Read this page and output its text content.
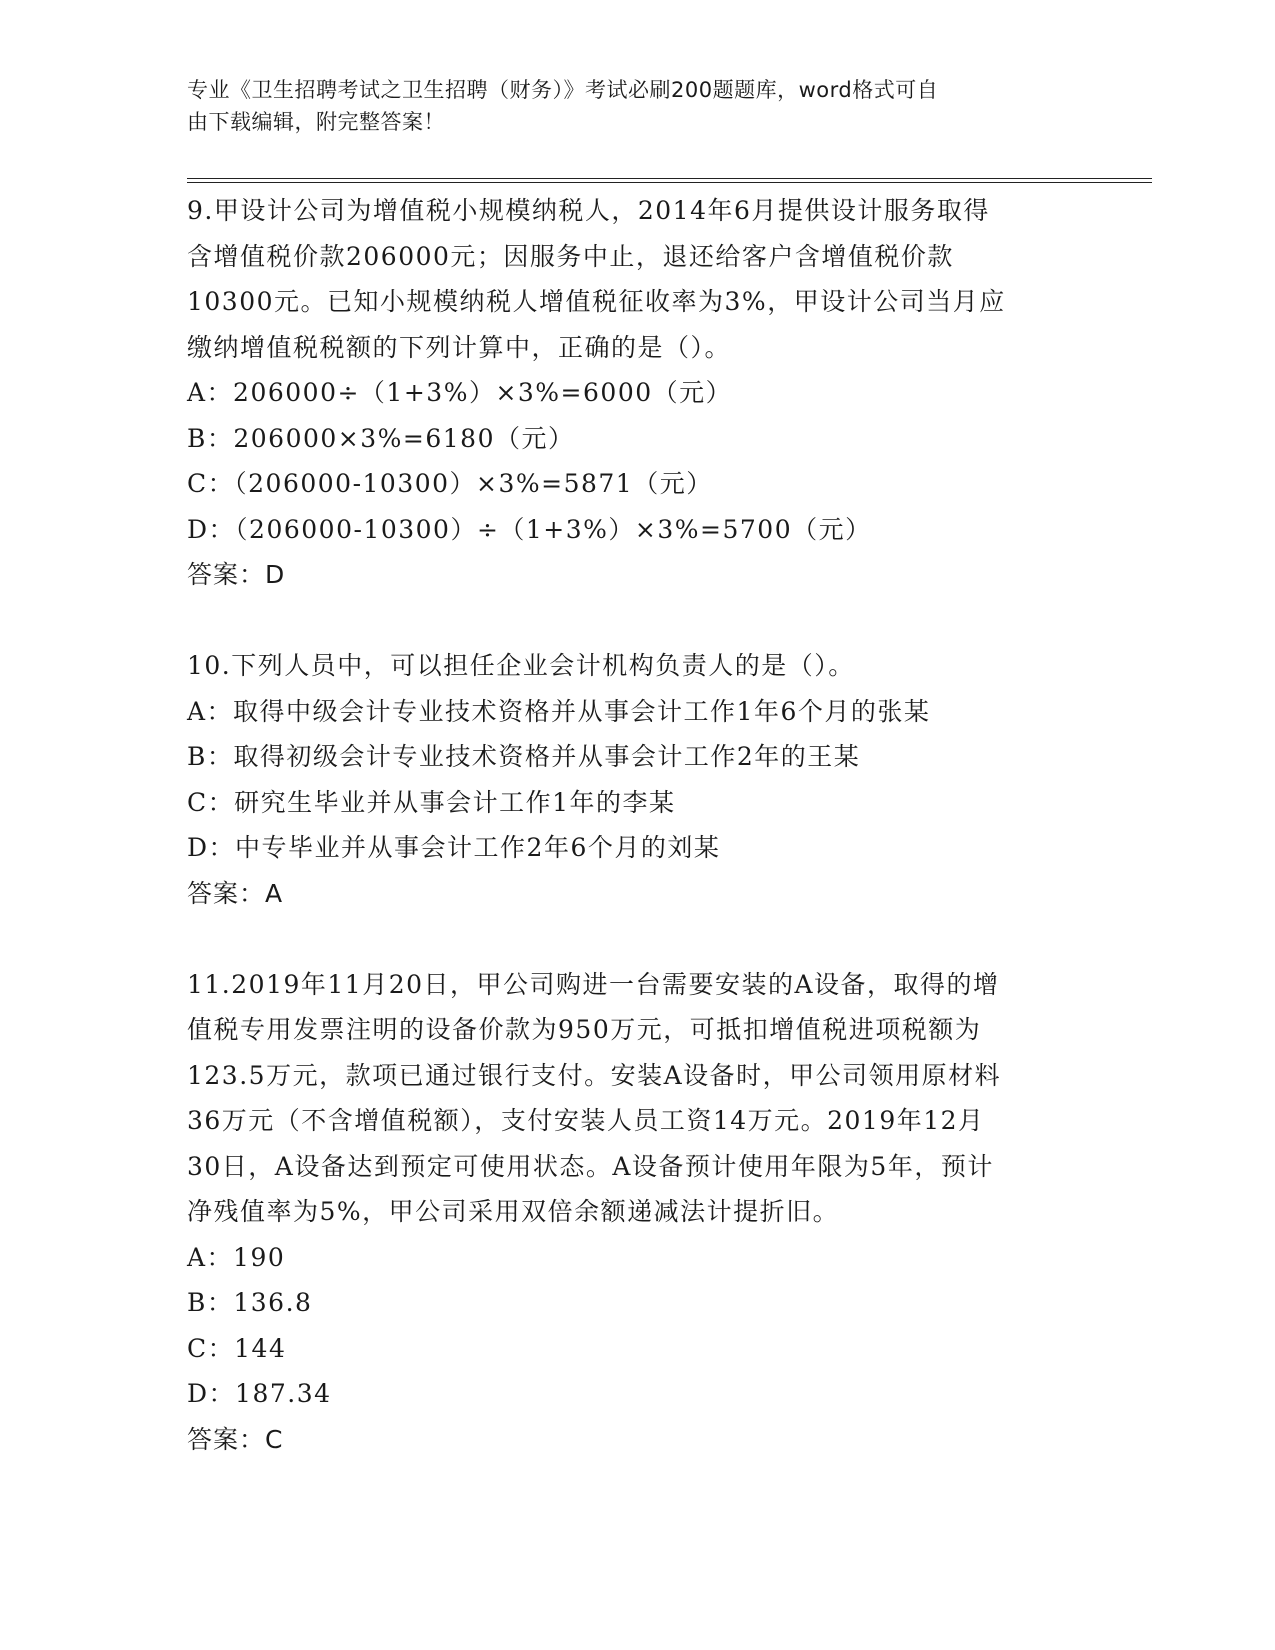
专业《卫生招聘考试之卫生招聘（财务）》考试必刷200题题库，word格式可自
由下载编辑，附完整答案！
9.甲设计公司为增值税小规模纳税人，2014年6月提供设计服务取得
含增值税价款206000元；因服务中止，退还给客户含增值税价款
10300元。已知小规模纳税人增值税征收率为3%，甲设计公司当月应
缴纳增值税税额的下列计算中，正确的是（）。
A：206000÷（1+3%）×3%=6000（元）
B：206000×3%=6180（元）
C：（206000-10300）×3%=5871（元）
D：（206000-10300）÷（1+3%）×3%=5700（元）
答案：D
10.下列人员中，可以担任企业会计机构负责人的是（）。
A：取得中级会计专业技术资格并从事会计工作1年6个月的张某
B：取得初级会计专业技术资格并从事会计工作2年的王某
C：研究生毕业并从事会计工作1年的李某
D：中专毕业并从事会计工作2年6个月的刘某
答案：A
11.2019年11月20日，甲公司购进一台需要安装的A设备，取得的增
值税专用发票注明的设备价款为950万元，可抵扣增值税进项税额为
123.5万元，款项已通过银行支付。安装A设备时，甲公司领用原材料
36万元（不含增值税额），支付安装人员工资14万元。2019年12月
30日，A设备达到预定可使用状态。A设备预计使用年限为5年，预计
净残值率为5%，甲公司采用双倍余额递减法计提折旧。
A：190
B：136.8
C：144
D：187.34
答案：C
